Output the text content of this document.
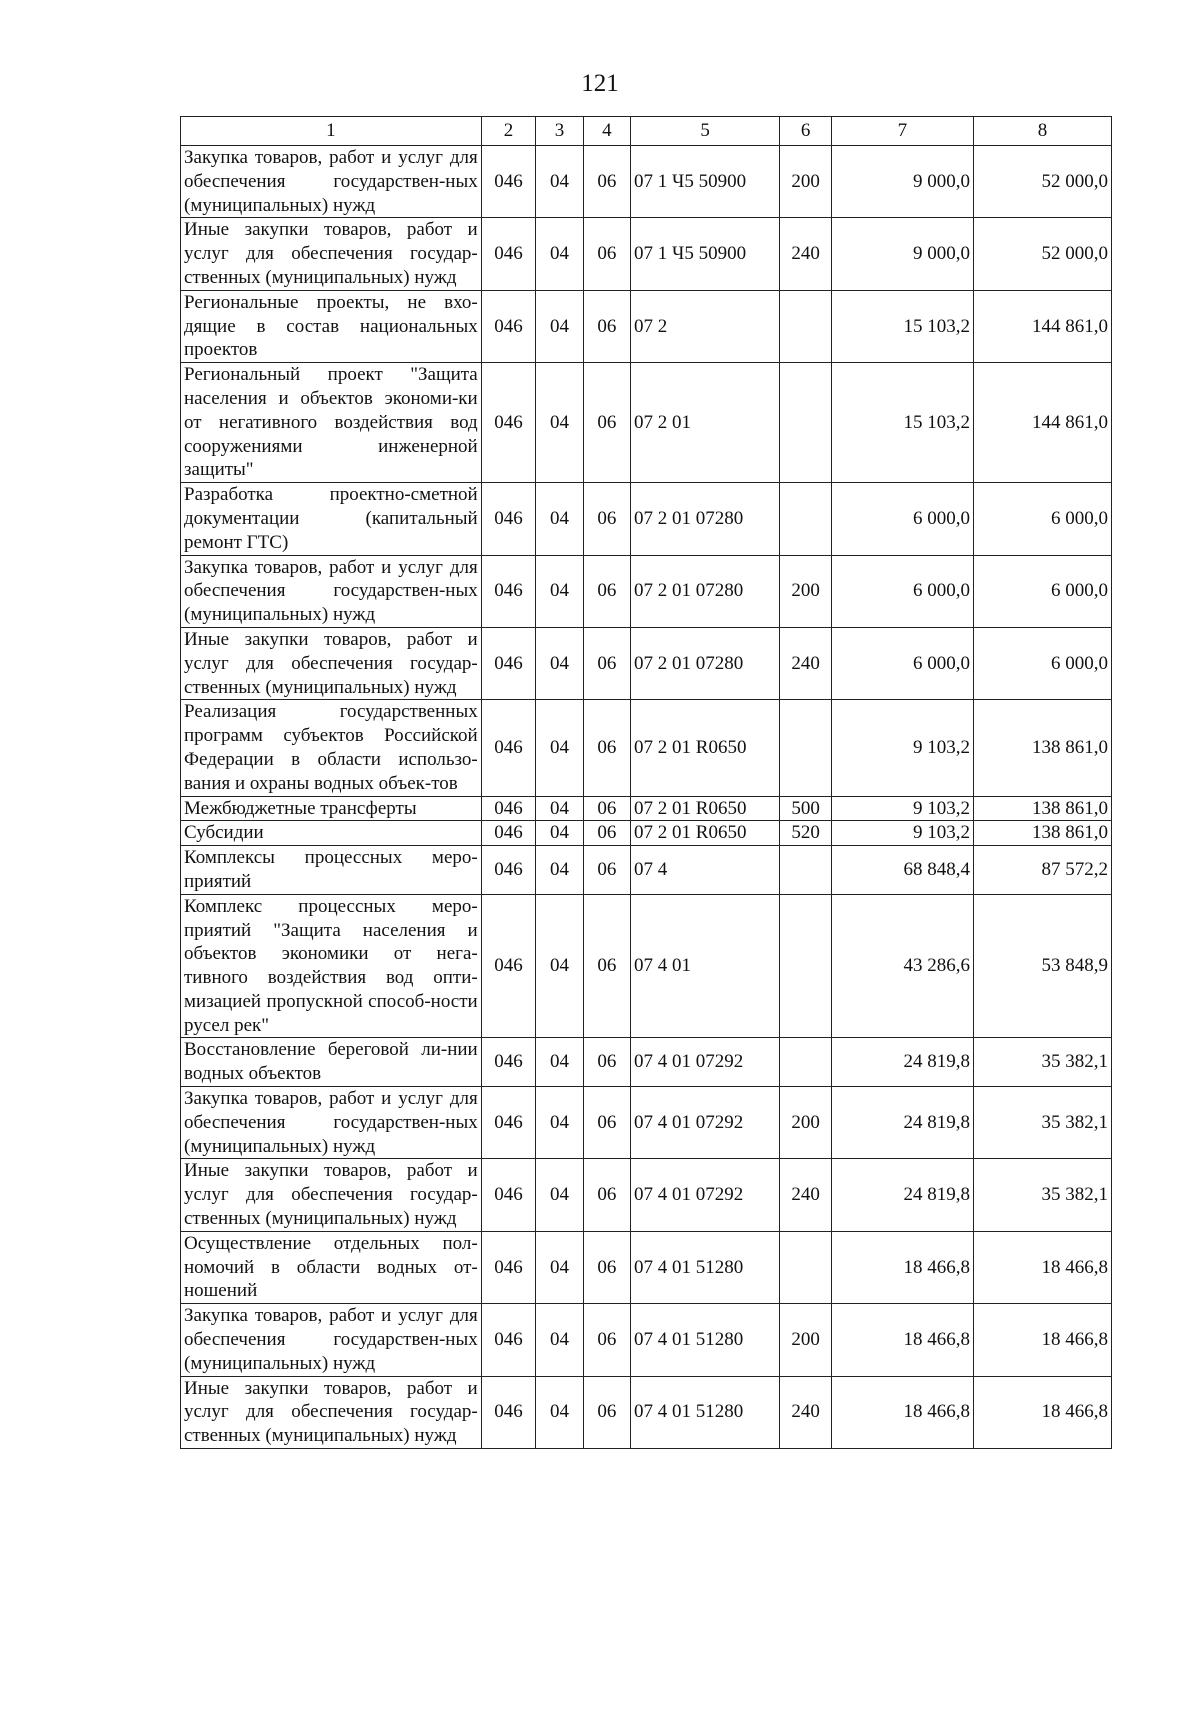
121
1	2	3	4	5	6	7	8
Закупка товаров, работ и услуг для обеспечения государствен-ных (муниципальных) нужд	046	04	06	07 1 Ч5 50900	200	9 000,0	52 000,0
Иные закупки товаров, работ и услуг для обеспечения государ-ственных (муниципальных) нужд	046	04	06	07 1 Ч5 50900	240	9 000,0	52 000,0
Региональные проекты, не вхо-дящие в состав национальных проектов	046	04	06	07 2		15 103,2	144 861,0
Региональный проект "Защита населения и объектов экономи-ки от негативного воздействия вод сооружениями инженерной защиты"	046	04	06	07 2 01		15 103,2	144 861,0
Разработка проектно-сметной документации (капитальный ремонт ГТС)	046	04	06	07 2 01 07280		6 000,0	6 000,0
Закупка товаров, работ и услуг для обеспечения государствен-ных (муниципальных) нужд	046	04	06	07 2 01 07280	200	6 000,0	6 000,0
Иные закупки товаров, работ и услуг для обеспечения государ-ственных (муниципальных) нужд	046	04	06	07 2 01 07280	240	6 000,0	6 000,0
Реализация государственных программ субъектов Российской Федерации в области использо-вания и охраны водных объек-тов	046	04	06	07 2 01 R0650		9 103,2	138 861,0
Межбюджетные трансферты	046	04	06	07 2 01 R0650	500	9 103,2	138 861,0
Субсидии	046	04	06	07 2 01 R0650	520	9 103,2	138 861,0
Комплексы процессных меро-приятий	046	04	06	07 4		68 848,4	87 572,2
Комплекс процессных меро-приятий "Защита населения и объектов экономики от нега-тивного воздействия вод опти-мизацией пропускной способ-ности русел рек"	046	04	06	07 4 01		43 286,6	53 848,9
Восстановление береговой ли-нии водных объектов	046	04	06	07 4 01 07292		24 819,8	35 382,1
Закупка товаров, работ и услуг для обеспечения государствен-ных (муниципальных) нужд	046	04	06	07 4 01 07292	200	24 819,8	35 382,1
Иные закупки товаров, работ и услуг для обеспечения государ-ственных (муниципальных) нужд	046	04	06	07 4 01 07292	240	24 819,8	35 382,1
Осуществление отдельных пол-номочий в области водных от-ношений	046	04	06	07 4 01 51280		18 466,8	18 466,8
Закупка товаров, работ и услуг для обеспечения государствен-ных (муниципальных) нужд	046	04	06	07 4 01 51280	200	18 466,8	18 466,8
Иные закупки товаров, работ и услуг для обеспечения государ-ственных (муниципальных) нужд	046	04	06	07 4 01 51280	240	18 466,8	18 466,8
